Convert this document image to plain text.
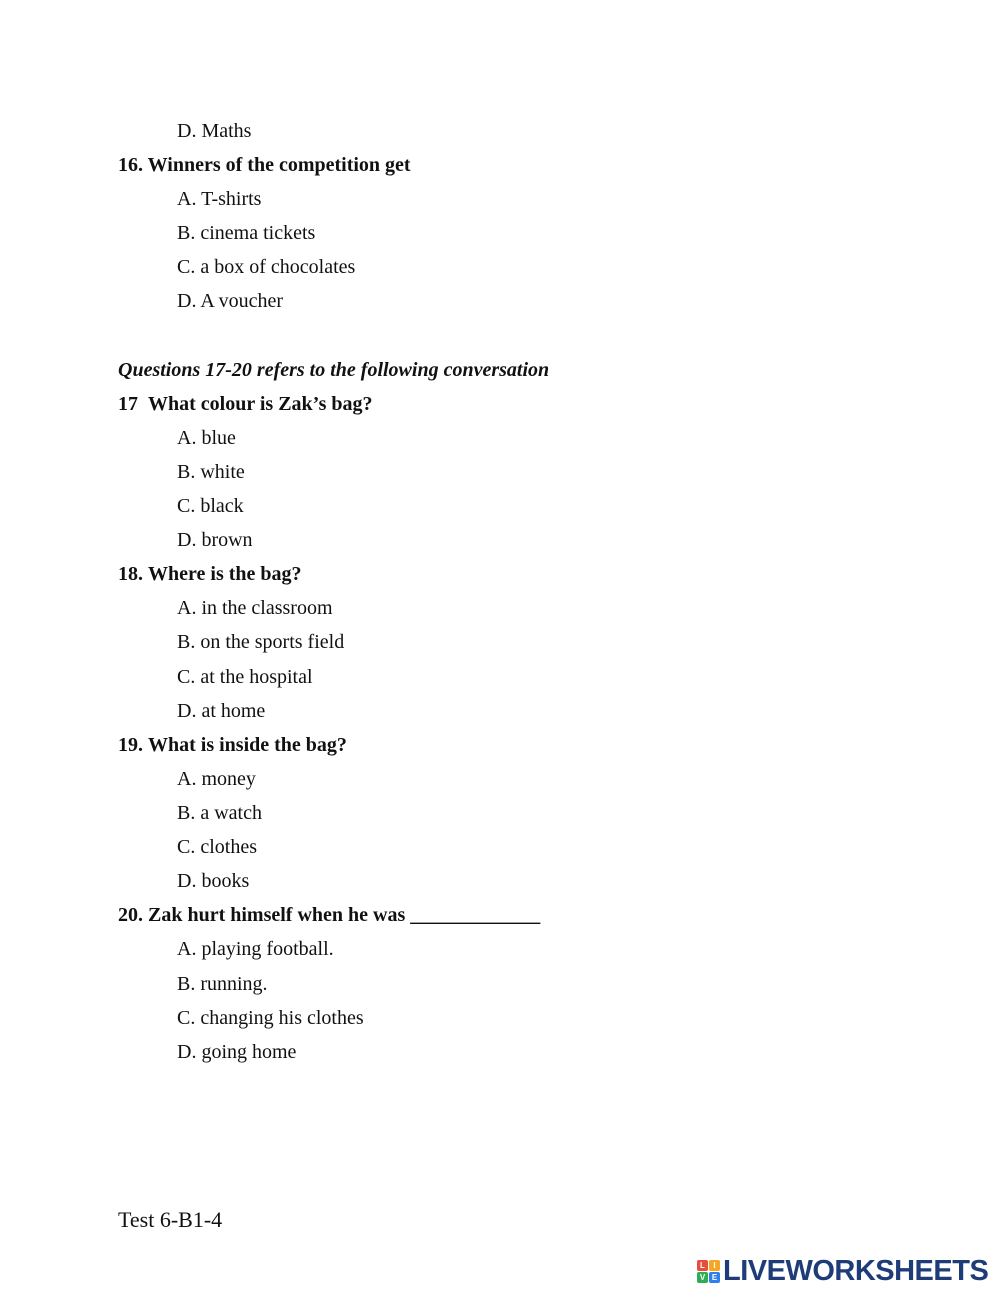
D. Maths
16. Winners of the competition get
A. T-shirts
B. cinema tickets
C. a box of chocolates
D. A voucher
Questions 17-20 refers to the following conversation
17 What colour is Zak’s bag?
A. blue
B. white
C. black
D. brown
18. Where is the bag?
A. in the classroom
B. on the sports field
C. at the hospital
D. at home
19. What is inside the bag?
A. money
B. a watch
C. clothes
D. books
20. Zak hurt himself when he was _____________
A. playing football.
B. running.
C. changing his clothes
D. going home
Test 6-B1-4
L	I
V E LIVEWORKSHEETS
